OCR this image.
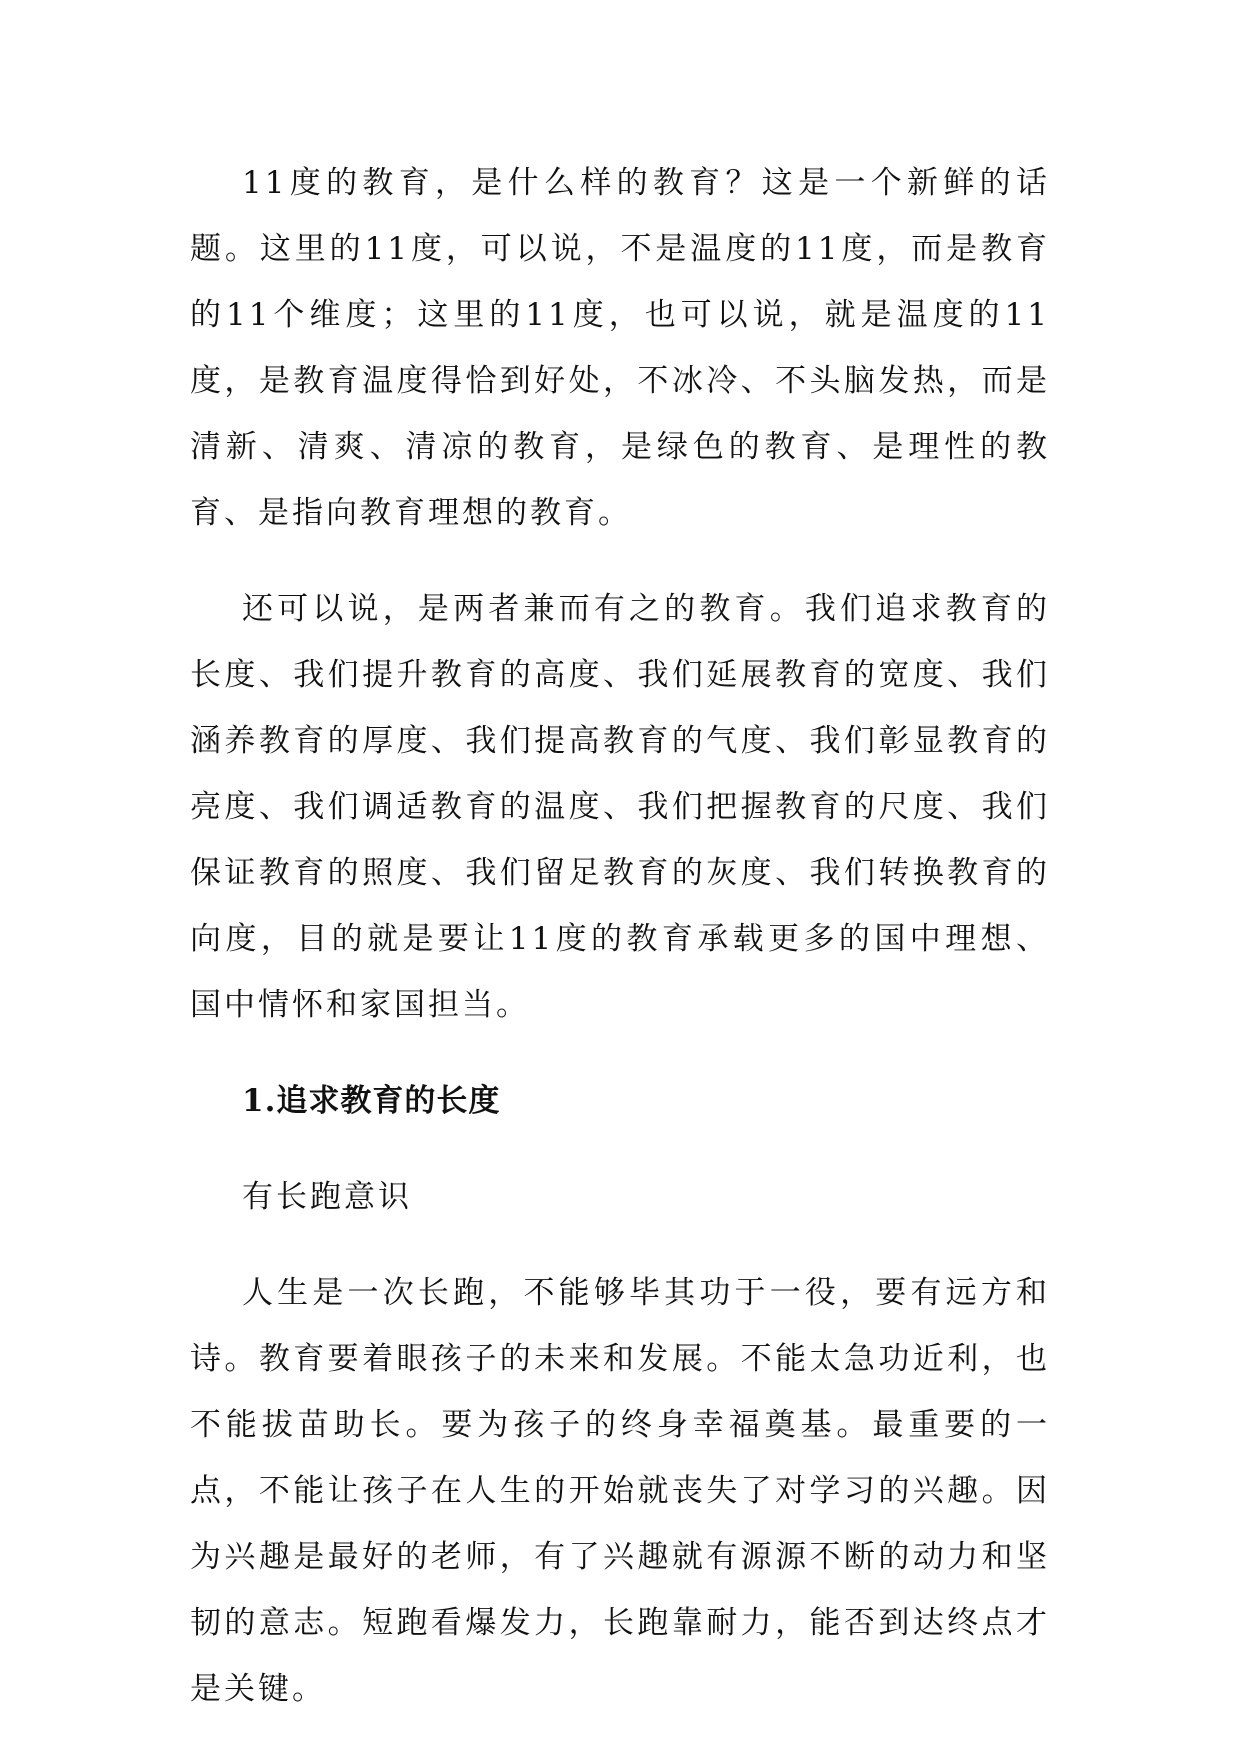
11度的教育，是什么样的教育？这是一个新鲜的话题。这里的11度，可以说，不是温度的11度，而是教育的11个维度；这里的11度，也可以说，就是温度的11度，是教育温度得恰到好处，不冰冷、不头脑发热，而是清新、清爽、清凉的教育，是绿色的教育、是理性的教育、是指向教育理想的教育。

还可以说，是两者兼而有之的教育。我们追求教育的长度、我们提升教育的高度、我们延展教育的宽度、我们涵养教育的厚度、我们提高教育的气度、我们彰显教育的亮度、我们调适教育的温度、我们把握教育的尺度、我们保证教育的照度、我们留足教育的灰度、我们转换教育的向度，目的就是要让11度的教育承载更多的国中理想、国中情怀和家国担当。

1.追求教育的长度

有长跑意识

人生是一次长跑，不能够毕其功于一役，要有远方和诗。教育要着眼孩子的未来和发展。不能太急功近利，也不能拔苗助长。要为孩子的终身幸福奠基。最重要的一点，不能让孩子在人生的开始就丧失了对学习的兴趣。因为兴趣是最好的老师，有了兴趣就有源源不断的动力和坚韧的意志。短跑看爆发力，长跑靠耐力，能否到达终点才是关键。
